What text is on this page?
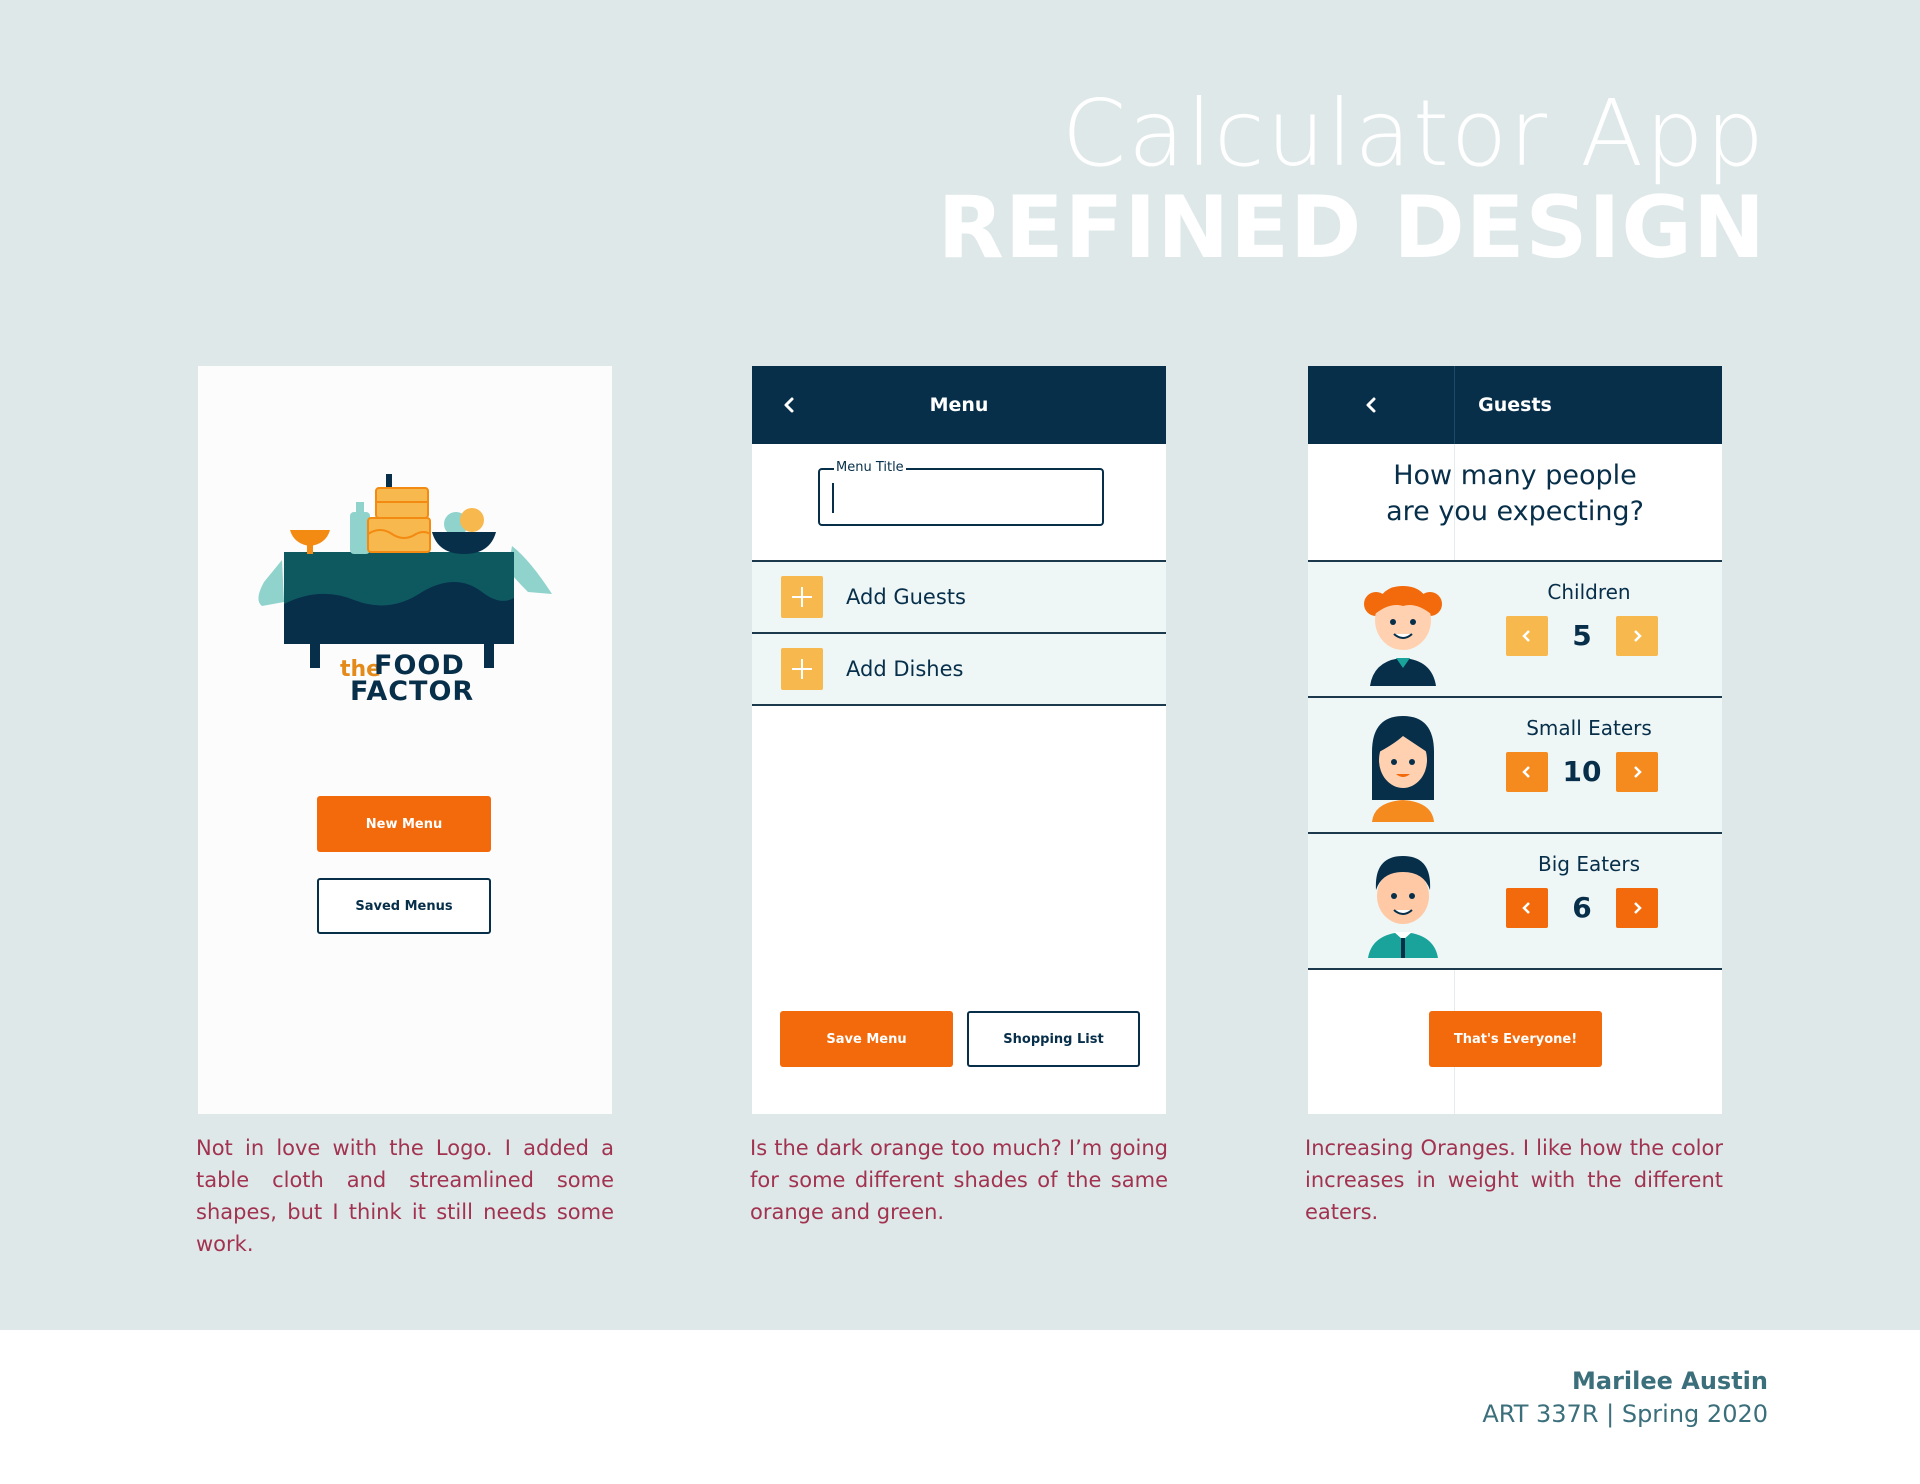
Calculator App
REFINED DESIGN
the
FOOD
FACTOR
New Menu
Saved Menus
Menu
Menu Title
Add Guests
Add Dishes
Save Menu	Shopping List
Guests
How many people are you expecting?
Children
5
Small Eaters
10
Big Eaters
6
That's Everyone!

Not in love with the Logo. I added a table cloth and streamlined some shapes, but I think it still needs some work.

Is the dark orange too much? I’m going for some different shades of the same orange and green.

Increasing Oranges. I like how the color increases in weight with the different eaters.

Marilee Austin
ART 337R | Spring 2020
